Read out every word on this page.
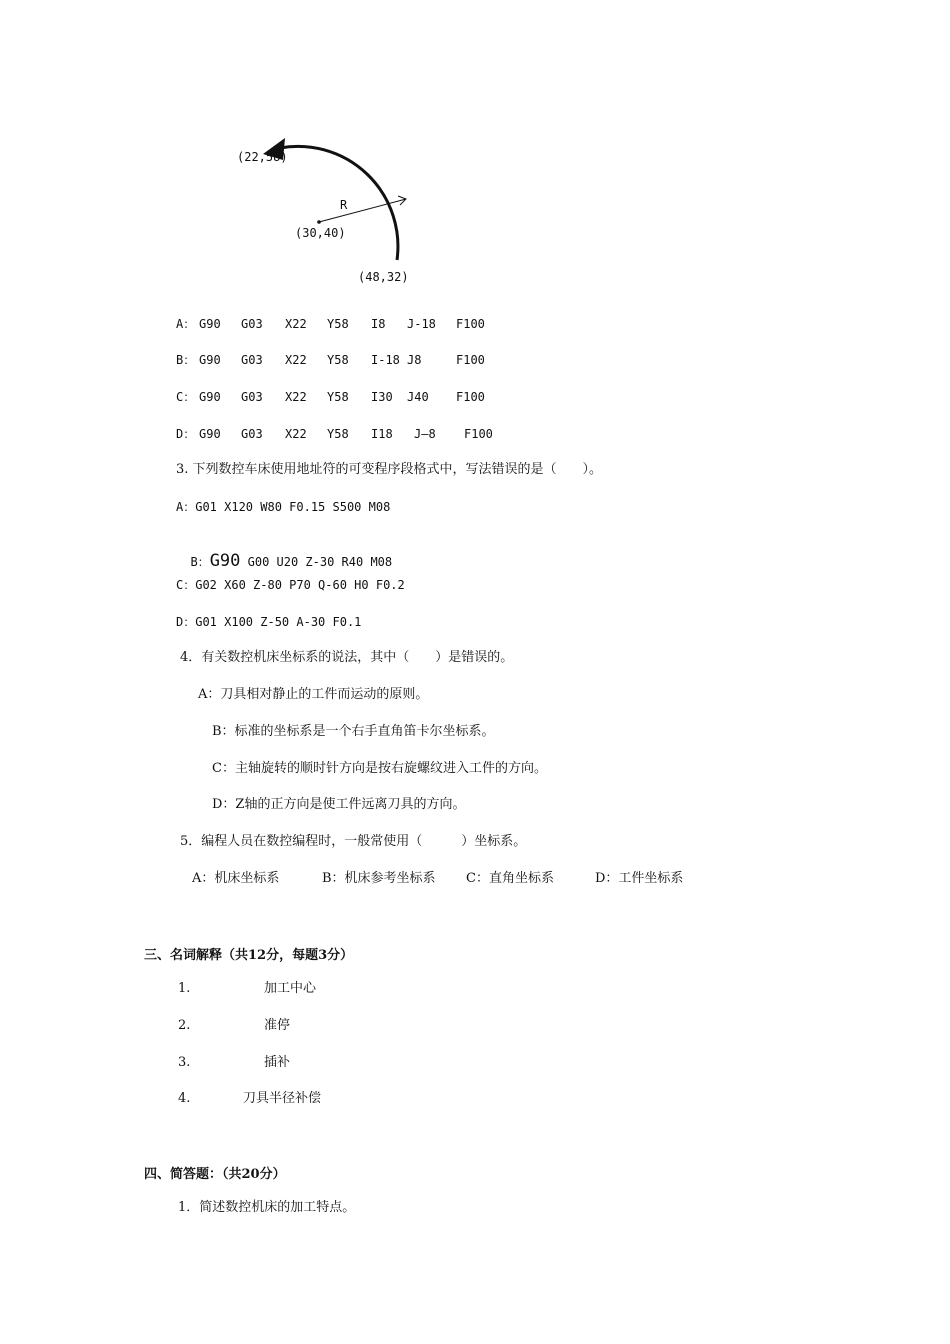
(22,58)
R
(30,40)
(48,32)
A： G90 G03 X22 Y58 I8 J-18 F100
B： G90 G03 X22 Y58 I-18 J8	F100
C： G90 G03 X22 Y58 I30 J40 F100
D： G90 G03 X22 Y58 I18 J—8 F100
3. 下列数控车床使用地址符的可变程序段格式中，写法错误的是（　　）。
A：G01 X120 W80 F0.15 S500 M08

B：G90 G00 U20 Z-30 R40 M08

C：G02 X60 Z-80 P70 Q-60 H0 F0.2
D：G01 X100 Z-50 A-30 F0.1
4．有关数控机床坐标系的说法，其中（　　）是错误的。
A：刀具相对静止的工件而运动的原则。
B：标准的坐标系是一个右手直角笛卡尔坐标系。
C：主轴旋转的顺时针方向是按右旋螺纹进入工件的方向。
D：Z轴的正方向是使工件远离刀具的方向。
5．编程人员在数控编程时，一般常使用（　　　）坐标系。
A：机床坐标系	B：机床参考坐标系 C：直角坐标系	D：工件坐标系
三、名词解释（共12分，每题3分）
1.	加工中心
2.	准停
3.	插补
4.	刀具半径补偿
四、简答题：（共20分）
1．简述数控机床的加工特点。
